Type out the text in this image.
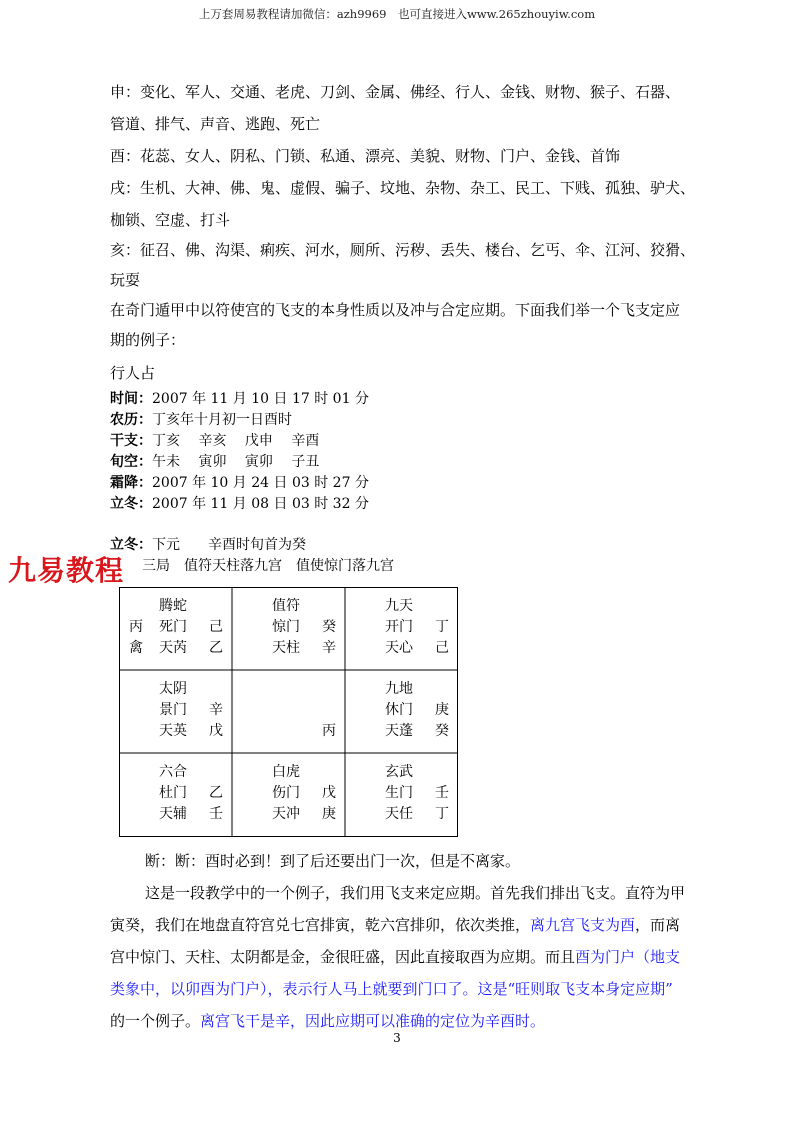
上万套周易教程请加微信：azh9969　也可直接进入www.265zhouyiw.com
申：变化、军人、交通、老虎、刀剑、金属、佛经、行人、金钱、财物、猴子、石器、
管道、排气、声音、逃跑、死亡
酉：花蕊、女人、阴私、门锁、私通、漂亮、美貌、财物、门户、金钱、首饰
戌：生机、大神、佛、鬼、虚假、骗子、坟地、杂物、杂工、民工、下贱、孤独、驴犬、
枷锁、空虚、打斗
亥：征召、佛、沟渠、痢疾、河水，厕所、污秽、丢失、楼台、乞丐、伞、江河、狡猾、
玩耍
在奇门遁甲中以符使宫的飞支的本身性质以及冲与合定应期。下面我们举一个飞支定应
期的例子：
行人占
时间：2007 年 11 月 10 日 17 时 01 分
农历：丁亥年十月初一日酉时
干支：丁亥　 辛亥　 戊申　 辛酉
旬空：午未　 寅卯　 寅卯　 子丑
霜降：2007 年 10 月 24 日 03 时 27 分
立冬：2007 年 11 月 08 日 03 时 32 分
立冬：下元　　辛酉时旬首为癸
三局　值符天柱落九宫　值使惊门落九宫
九易教程
腾蛇
丙 死门 己
禽 天芮 乙
值符
惊门 癸
天柱 辛
九天
开门 丁
天心 己
太阴
景门 辛
天英 戊	丙
九地
休门 庚
天蓬 癸
六合
杜门 乙
天辅 壬
白虎
伤门 戊
天冲 庚
玄武
生门 壬
天任 丁
断：断：酉时必到！到了后还要出门一次，但是不离家。
这是一段教学中的一个例子，我们用飞支来定应期。首先我们排出飞支。直符为甲
寅癸，我们在地盘直符宫兑七宫排寅，乾六宫排卯，依次类推，离九宫飞支为酉，而离
宫中惊门、天柱、太阴都是金，金很旺盛，因此直接取酉为应期。而且酉为门户（地支
类象中，以卯酉为门户），表示行人马上就要到门口了。这是“旺则取飞支本身定应期”
的一个例子。离宫飞干是辛，因此应期可以准确的定位为辛酉时。
3
